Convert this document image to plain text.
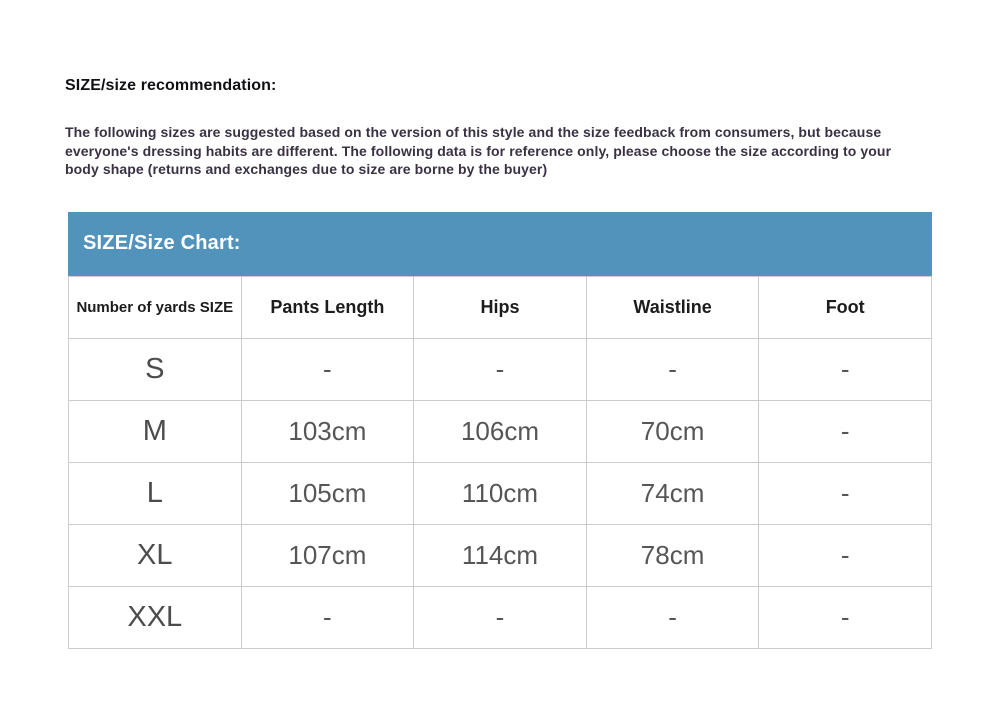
SIZE/size recommendation:

The following sizes are suggested based on the version of this style and the size feedback from consumers, but because everyone's dressing habits are different. The following data is for reference only, please choose the size according to your body shape (returns and exchanges due to size are borne by the buyer)

SIZE/Size Chart:
Number of yards SIZE	Pants Length	Hips	Waistline	Foot
S	-	-	-	-
M	103cm	106cm	70cm	-
L	105cm	110cm	74cm	-
XL	107cm	114cm	78cm	-
XXL	-	-	-	-
